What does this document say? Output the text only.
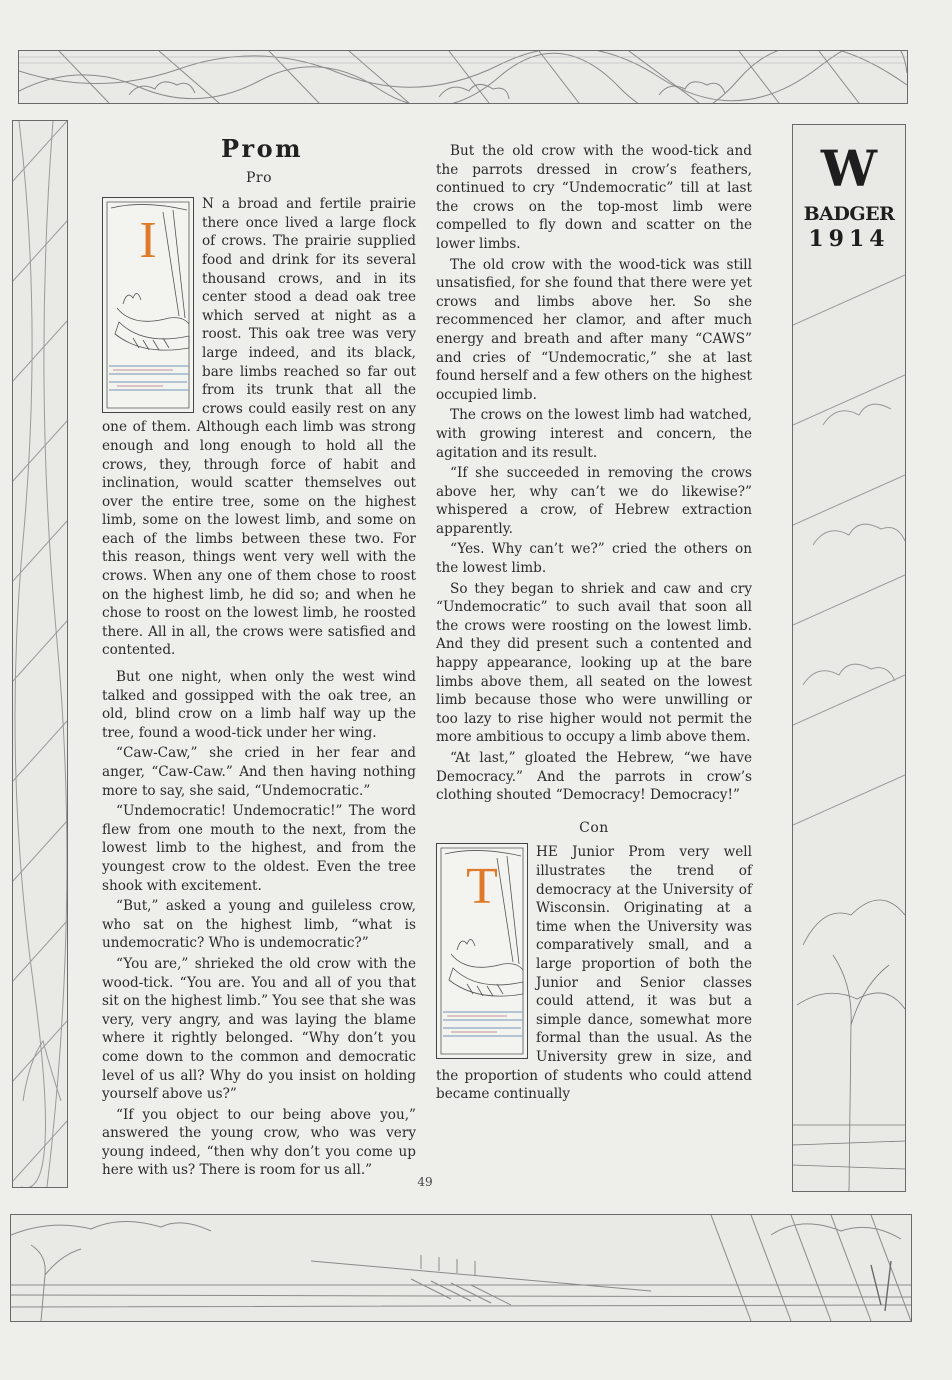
Prom
Pro
I

N a broad and fertile prairie there once lived a large flock of crows. The prairie supplied food and drink for its several thousand crows, and in its center stood a dead oak tree which served at night as a roost. This oak tree was very large indeed, and its black, bare limbs reached so far out from its trunk that all the crows could easily rest on any one of them. Although each limb was strong enough and long enough to hold all the crows, they, through force of habit and inclination, would scatter themselves out over the entire tree, some on the highest limb, some on the lowest limb, and some on each of the limbs between these two. For this reason, things went very well with the crows. When any one of them chose to roost on the highest limb, he did so; and when he chose to roost on the lowest limb, he roosted there. All in all, the crows were satisfied and contented.

But one night, when only the west wind talked and gossipped with the oak tree, an old, blind crow on a limb half way up the tree, found a wood-tick under her wing.

“Caw-Caw,” she cried in her fear and anger, “Caw-Caw.” And then having nothing more to say, she said, “Undemocratic.”

“Undemocratic! Undemocratic!” The word flew from one mouth to the next, from the lowest limb to the highest, and from the youngest crow to the oldest. Even the tree shook with excitement.

“But,” asked a young and guileless crow, who sat on the highest limb, “what is undemocratic? Who is undemocratic?”

“You are,” shrieked the old crow with the wood-tick. “You are. You and all of you that sit on the highest limb.” You see that she was very, very angry, and was laying the blame where it rightly belonged. “Why don’t you come down to the common and democratic level of us all? Why do you insist on holding yourself above us?”

“If you object to our being above you,” answered the young crow, who was very young indeed, “then why don’t you come up here with us? There is room for us all.”

But the old crow with the wood-tick and the parrots dressed in crow’s feathers, continued to cry “Undemocratic” till at last the crows on the top-most limb were compelled to fly down and scatter on the lower limbs.

The old crow with the wood-tick was still unsatisfied, for she found that there were yet crows and limbs above her. So she recommenced her clamor, and after much energy and breath and after many “CAWS” and cries of “Undemocratic,” she at last found herself and a few others on the highest occupied limb.

The crows on the lowest limb had watched, with growing interest and concern, the agitation and its result.

“If she succeeded in removing the crows above her, why can’t we do likewise?” whispered a crow, of Hebrew extraction apparently.

“Yes. Why can’t we?” cried the others on the lowest limb.

So they began to shriek and caw and cry “Undemocratic” to such avail that soon all the crows were roosting on the lowest limb. And they did present such a contented and happy appearance, looking up at the bare limbs above them, all seated on the lowest limb because those who were unwilling or too lazy to rise higher would not permit the more ambitious to occupy a limb above them.

“At last,” gloated the Hebrew, “we have Democracy.” And the parrots in crow’s clothing shouted “Democracy! Democracy!”

Con
T

HE Junior Prom very well illustrates the trend of democracy at the University of Wisconsin. Originating at a time when the University was comparatively small, and a large proportion of both the Junior and Senior classes could attend, it was but a simple dance, somewhat more formal than the usual. As the University grew in size, and the proportion of students who could attend became continually

W
BADGER
1914
49
